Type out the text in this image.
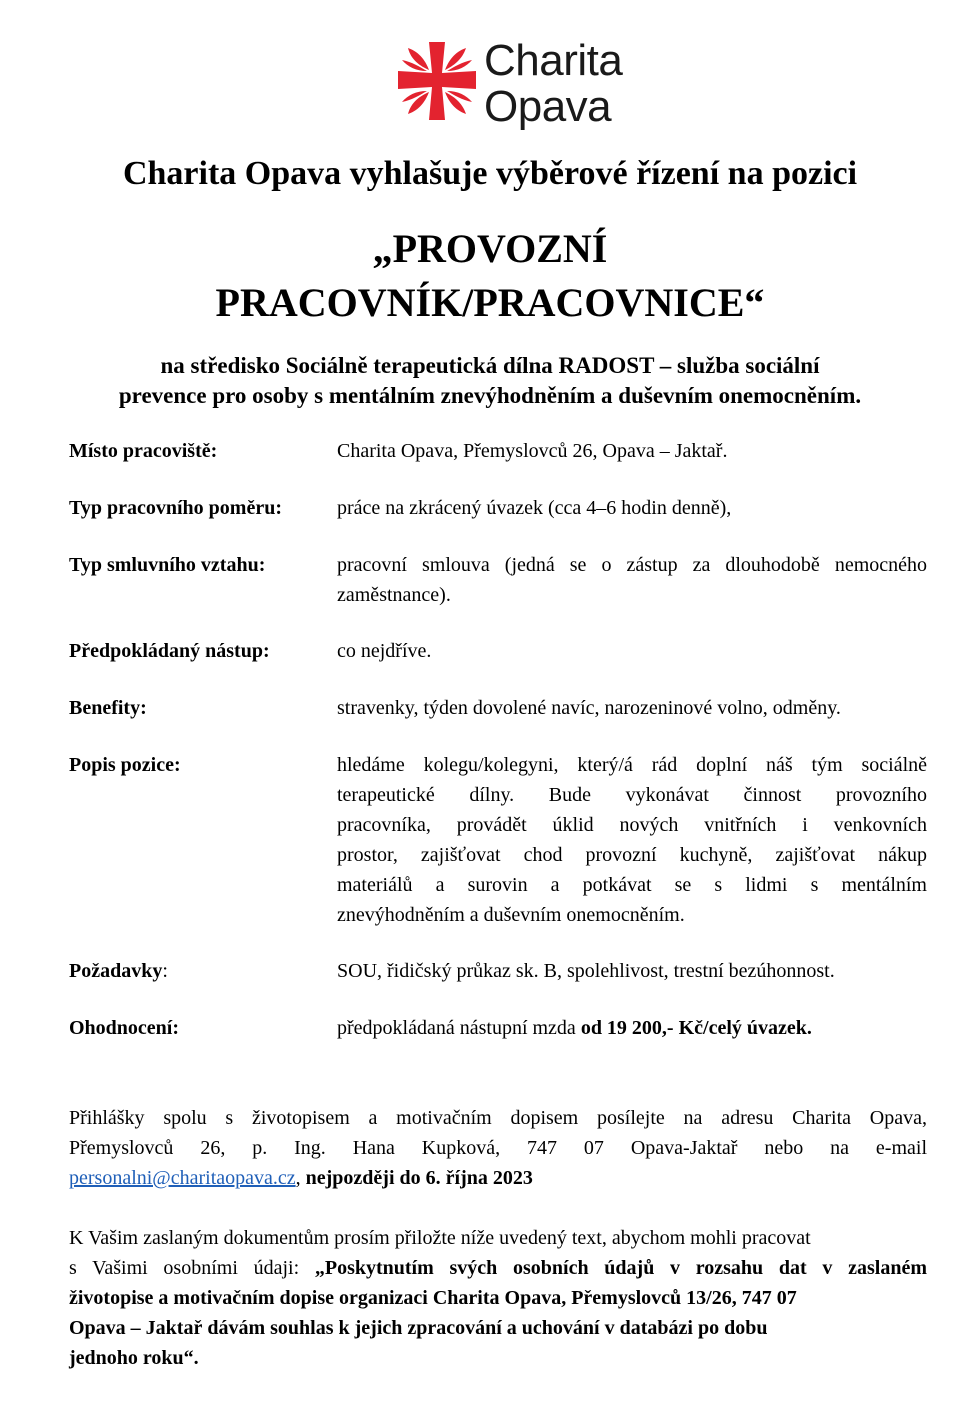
Charita
Opava
Charita Opava vyhlašuje výběrové řízení na pozici
„PROVOZNÍ
PRACOVNÍK/PRACOVNICE“
na středisko Sociálně terapeutická dílna RADOST – služba sociální
prevence pro osoby s mentálním znevýhodněním a duševním onemocněním.
Místo pracoviště:	Charita Opava, Přemyslovců 26, Opava – Jaktař.
Typ pracovního poměru:	práce na zkrácený úvazek (cca 4–6 hodin denně),
Typ smluvního vztahu:	pracovní smlouva (jedná se o zástup za dlouhodobě nemocného
zaměstnance).
Předpokládaný nástup:	co nejdříve.
Benefity:	stravenky, týden dovolené navíc, narozeninové volno, odměny.
Popis pozice:	hledáme kolegu/kolegyni, který/á rád doplní náš tým sociálně
terapeutické dílny. Bude vykonávat činnost provozního
pracovníka, provádět úklid nových vnitřních i venkovních
prostor, zajišťovat chod provozní kuchyně, zajišťovat nákup
materiálů a surovin a potkávat se s lidmi s mentálním
znevýhodněním a duševním onemocněním.
Požadavky:	SOU, řidičský průkaz sk. B, spolehlivost, trestní bezúhonnost.
Ohodnocení:	předpokládaná nástupní mzda od 19 200,- Kč/celý úvazek.
Přihlášky spolu s životopisem a motivačním dopisem posílejte na adresu Charita Opava,
Přemyslovců 26, p. Ing. Hana Kupková, 747 07 Opava-Jaktař nebo na e-mail
personalni@charitaopava.cz, nejpozději do 6. října 2023
K Vašim zaslaným dokumentům prosím přiložte níže uvedený text, abychom mohli pracovat
s Vašimi osobními údaji: „Poskytnutím svých osobních údajů v rozsahu dat v zaslaném
životopise a motivačním dopise organizaci Charita Opava, Přemyslovců 13/26, 747 07
Opava – Jaktař dávám souhlas k jejich zpracování a uchování v databázi po dobu
jednoho roku“.
